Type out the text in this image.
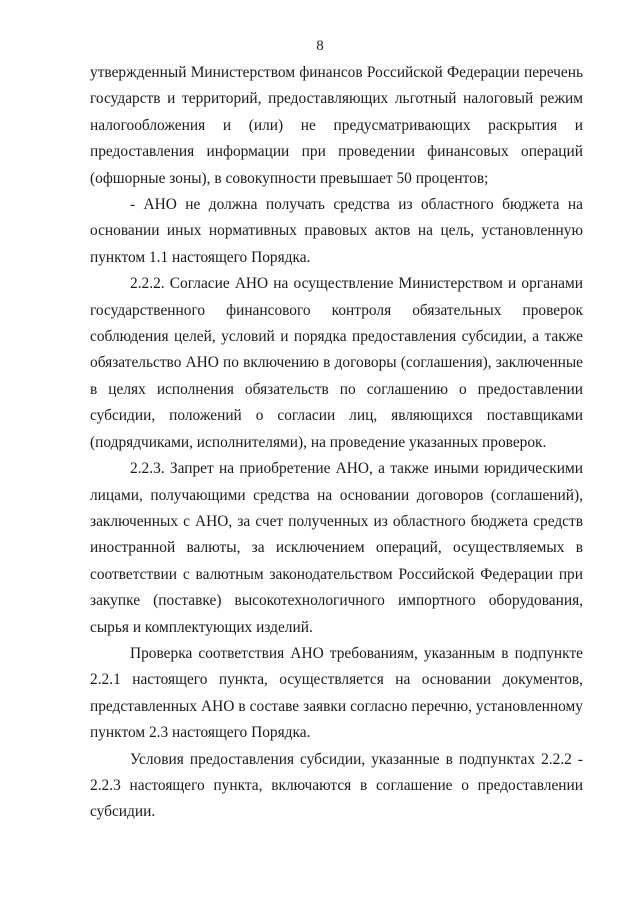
8

утвержденный Министерством финансов Российской Федерации перечень
государств и территорий, предоставляющих льготный налоговый режим
налогообложения и (или) не предусматривающих раскрытия и
предоставления информации при проведении финансовых операций
(офшорные зоны), в совокупности превышает 50 процентов;

- АНО не должна получать средства из областного бюджета на
основании иных нормативных правовых актов на цель, установленную
пунктом 1.1 настоящего Порядка.

2.2.2. Согласие АНО на осуществление Министерством и органами
государственного финансового контроля обязательных проверок
соблюдения целей, условий и порядка предоставления субсидии, а также
обязательство АНО по включению в договоры (соглашения), заключенные
в целях исполнения обязательств по соглашению о предоставлении
субсидии, положений о согласии лиц, являющихся поставщиками
(подрядчиками, исполнителями), на проведение указанных проверок.

2.2.3. Запрет на приобретение АНО, а также иными юридическими
лицами, получающими средства на основании договоров (соглашений),
заключенных с АНО, за счет полученных из областного бюджета средств
иностранной валюты, за исключением операций, осуществляемых в
соответствии с валютным законодательством Российской Федерации при
закупке (поставке) высокотехнологичного импортного оборудования,
сырья и комплектующих изделий.

Проверка соответствия АНО требованиям, указанным в подпункте
2.2.1 настоящего пункта, осуществляется на основании документов,
представленных АНО в составе заявки согласно перечню, установленному
пунктом 2.3 настоящего Порядка.

Условия предоставления субсидии, указанные в подпунктах 2.2.2 -
2.2.3 настоящего пункта, включаются в соглашение о предоставлении
субсидии.
